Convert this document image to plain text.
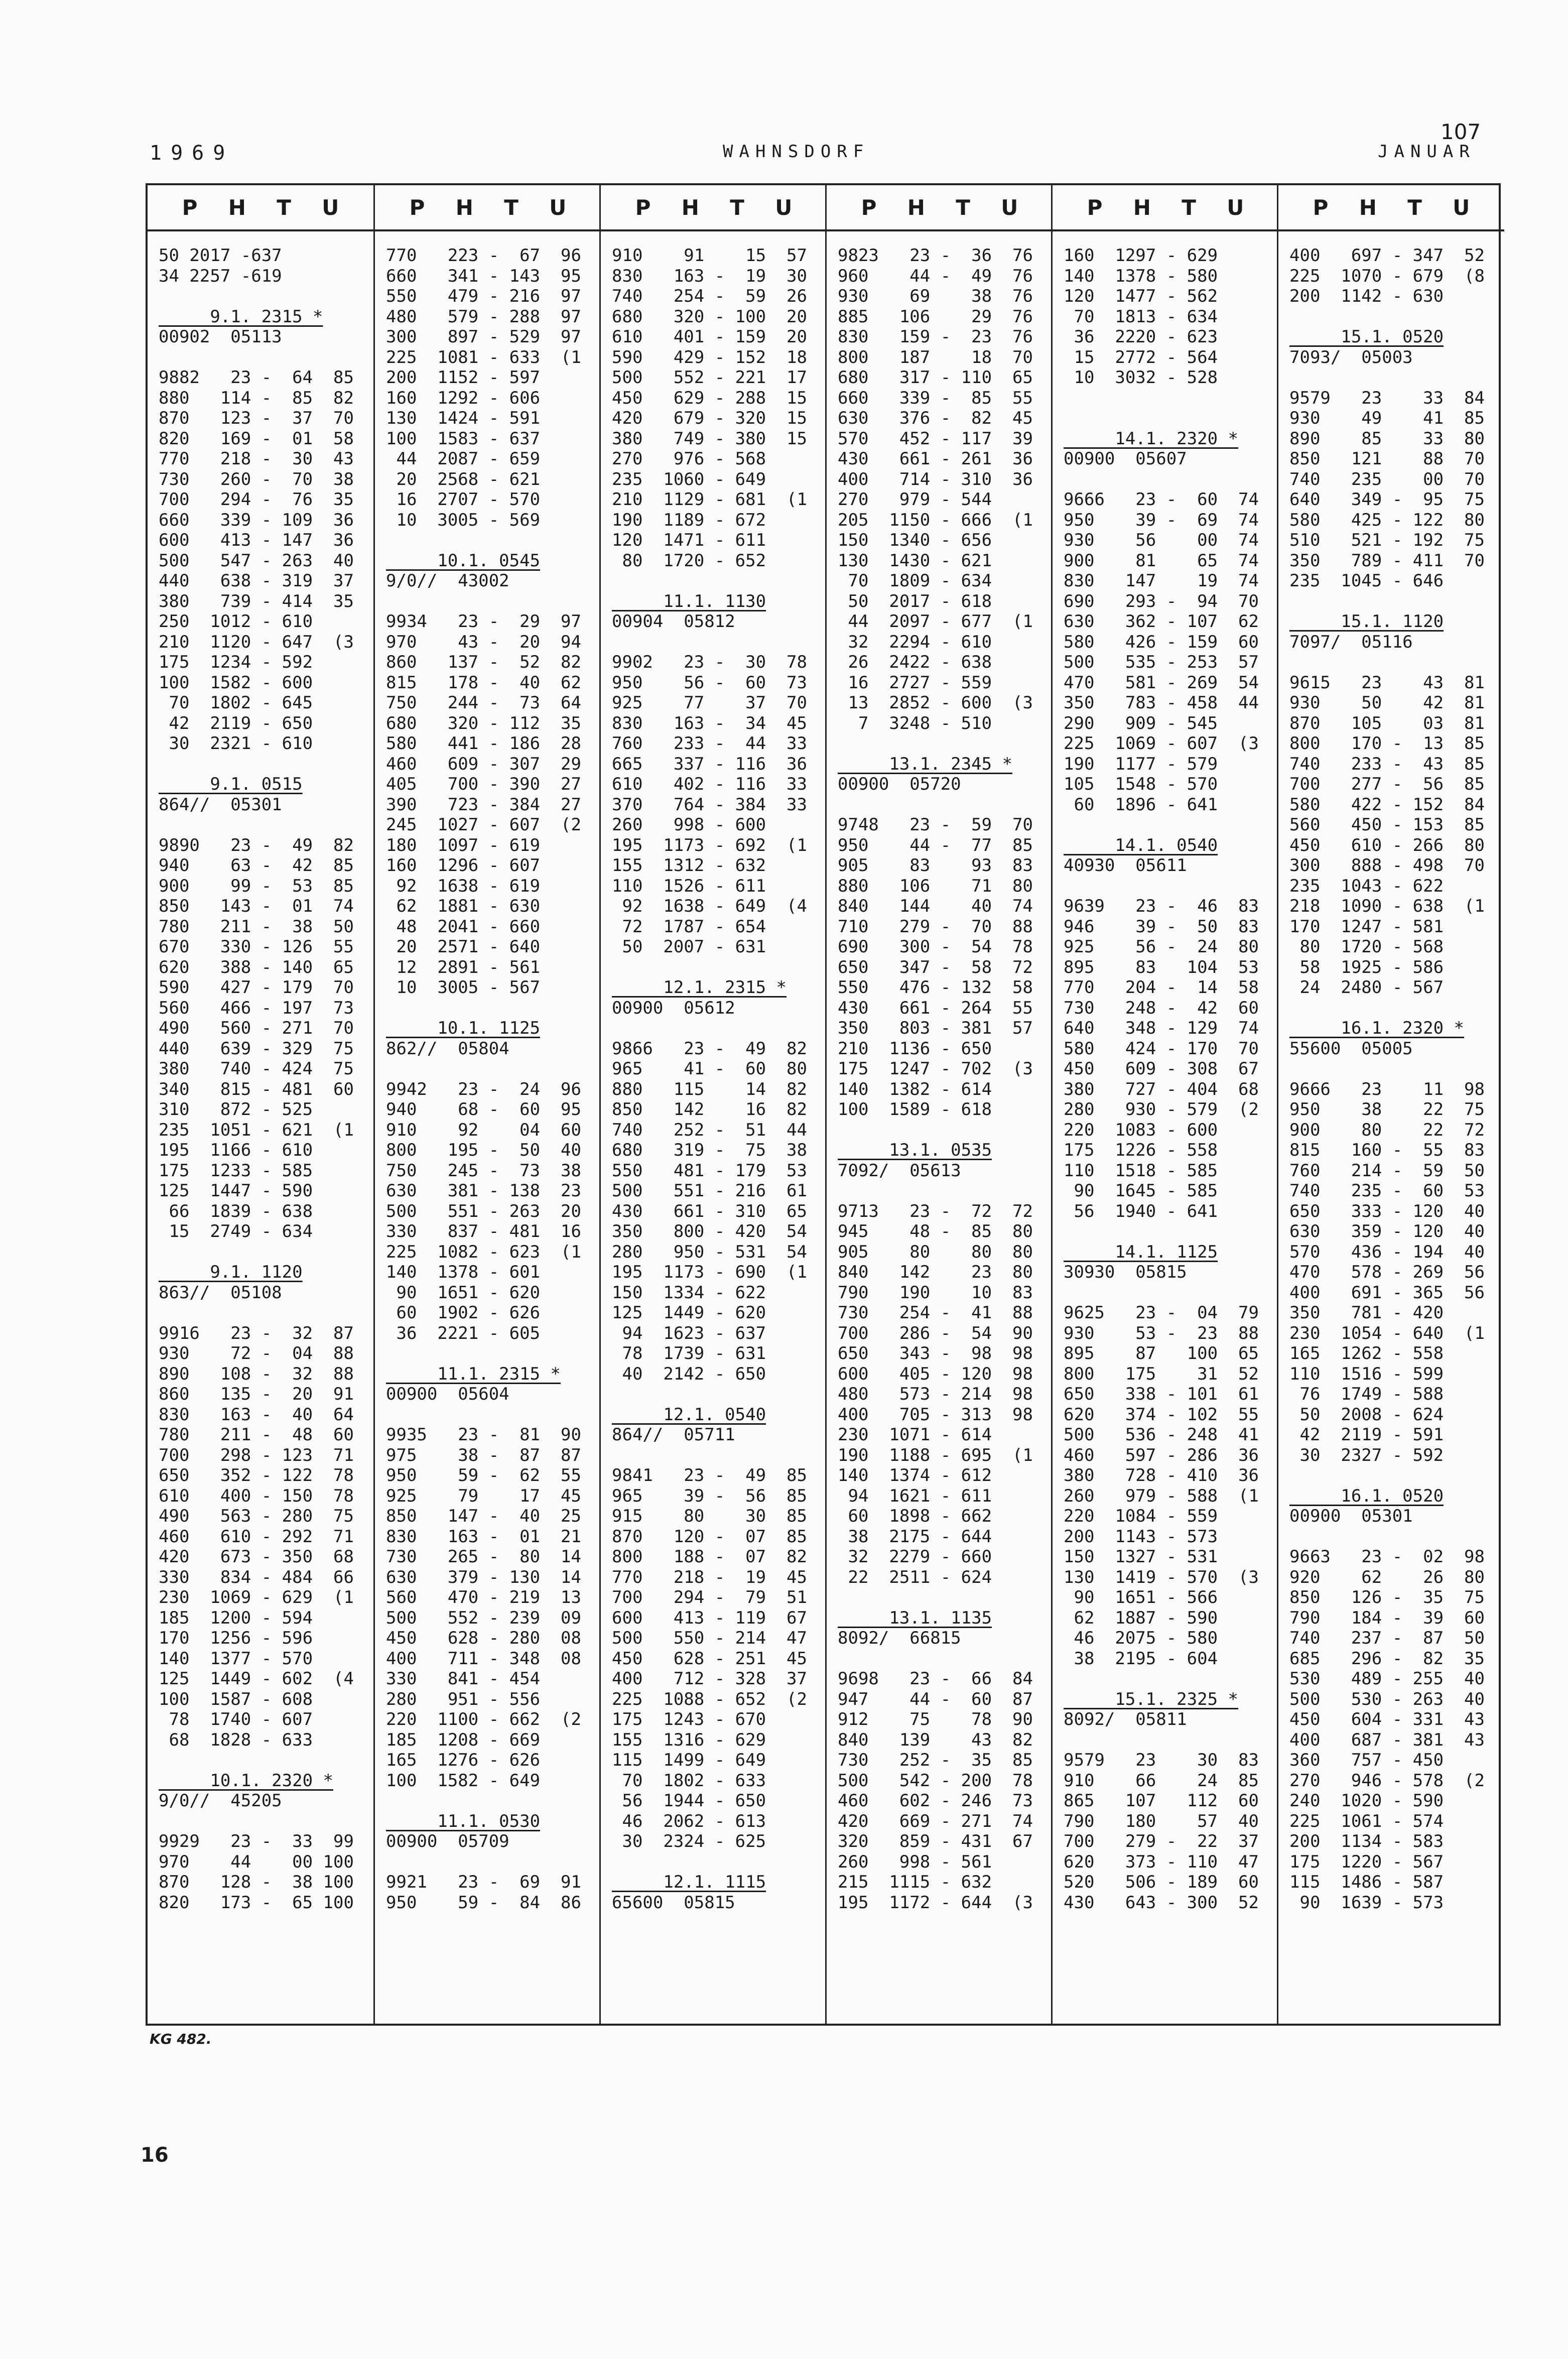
107
1969	WAHNSDORF	JANUAR
P H T U
50 2017 -637
34 2257 -619
9.1. 2315 *
00902  05113
9882   23 -  64  85
880   114 -  85  82
870   123 -  37  70
820   169 -  01  58
770   218 -  30  43
730   260 -  70  38
700   294 -  76  35
660   339 - 109  36
600   413 - 147  36
500   547 - 263  40
440   638 - 319  37
380   739 - 414  35
250  1012 - 610
210  1120 - 647  (3
175  1234 - 592
100  1582 - 600
70  1802 - 645
42  2119 - 650
30  2321 - 610
9.1. 0515
864//  05301
9890   23 -  49  82
940    63 -  42  85
900    99 -  53  85
850   143 -  01  74
780   211 -  38  50
670   330 - 126  55
620   388 - 140  65
590   427 - 179  70
560   466 - 197  73
490   560 - 271  70
440   639 - 329  75
380   740 - 424  75
340   815 - 481  60
310   872 - 525
235  1051 - 621  (1
195  1166 - 610
175  1233 - 585
125  1447 - 590
66  1839 - 638
15  2749 - 634
9.1. 1120
863//  05108
9916   23 -  32  87
930    72 -  04  88
890   108 -  32  88
860   135 -  20  91
830   163 -  40  64
780   211 -  48  60
700   298 - 123  71
650   352 - 122  78
610   400 - 150  78
490   563 - 280  75
460   610 - 292  71
420   673 - 350  68
330   834 - 484  66
230  1069 - 629  (1
185  1200 - 594
170  1256 - 596
140  1377 - 570
125  1449 - 602  (4
100  1587 - 608
78  1740 - 607
68  1828 - 633
10.1. 2320 *
9/0//  45205
9929   23 -  33  99
970    44    00 100
870   128 -  38 100
820   173 -  65 100
P H T U
770   223 -  67  96
660   341 - 143  95
550   479 - 216  97
480   579 - 288  97
300   897 - 529  97
225  1081 - 633  (1
200  1152 - 597
160  1292 - 606
130  1424 - 591
100  1583 - 637
44  2087 - 659
20  2568 - 621
16  2707 - 570
10  3005 - 569
10.1. 0545
9/0//  43002
9934   23 -  29  97
970    43 -  20  94
860   137 -  52  82
815   178 -  40  62
750   244 -  73  64
680   320 - 112  35
580   441 - 186  28
460   609 - 307  29
405   700 - 390  27
390   723 - 384  27
245  1027 - 607  (2
180  1097 - 619
160  1296 - 607
92  1638 - 619
62  1881 - 630
48  2041 - 660
20  2571 - 640
12  2891 - 561
10  3005 - 567
10.1. 1125
862//  05804
9942   23 -  24  96
940    68 -  60  95
910    92    04  60
800   195 -  50  40
750   245 -  73  38
630   381 - 138  23
500   551 - 263  20
330   837 - 481  16
225  1082 - 623  (1
140  1378 - 601
90  1651 - 620
60  1902 - 626
36  2221 - 605
11.1. 2315 *
00900  05604
9935   23 -  81  90
975    38 -  87  87
950    59 -  62  55
925    79    17  45
850   147 -  40  25
830   163 -  01  21
730   265 -  80  14
630   379 - 130  14
560   470 - 219  13
500   552 - 239  09
450   628 - 280  08
400   711 - 348  08
330   841 - 454
280   951 - 556
220  1100 - 662  (2
185  1208 - 669
165  1276 - 626
100  1582 - 649
11.1. 0530
00900  05709
9921   23 -  69  91
950    59 -  84  86
P H T U
910    91    15  57
830   163 -  19  30
740   254 -  59  26
680   320 - 100  20
610   401 - 159  20
590   429 - 152  18
500   552 - 221  17
450   629 - 288  15
420   679 - 320  15
380   749 - 380  15
270   976 - 568
235  1060 - 649
210  1129 - 681  (1
190  1189 - 672
120  1471 - 611
80  1720 - 652
11.1. 1130
00904  05812
9902   23 -  30  78
950    56 -  60  73
925    77    37  70
830   163 -  34  45
760   233 -  44  33
665   337 - 116  36
610   402 - 116  33
370   764 - 384  33
260   998 - 600
195  1173 - 692  (1
155  1312 - 632
110  1526 - 611
92  1638 - 649  (4
72  1787 - 654
50  2007 - 631
12.1. 2315 *
00900  05612
9866   23 -  49  82
965    41 -  60  80
880   115    14  82
850   142    16  82
740   252 -  51  44
680   319 -  75  38
550   481 - 179  53
500   551 - 216  61
430   661 - 310  65
350   800 - 420  54
280   950 - 531  54
195  1173 - 690  (1
150  1334 - 622
125  1449 - 620
94  1623 - 637
78  1739 - 631
40  2142 - 650
12.1. 0540
864//  05711
9841   23 -  49  85
965    39 -  56  85
915    80    30  85
870   120 -  07  85
800   188 -  07  82
770   218 -  19  45
700   294 -  79  51
600   413 - 119  67
500   550 - 214  47
450   628 - 251  45
400   712 - 328  37
225  1088 - 652  (2
175  1243 - 670
155  1316 - 629
115  1499 - 649
70  1802 - 633
56  1944 - 650
46  2062 - 613
30  2324 - 625
12.1. 1115
65600  05815
P H T U
9823   23 -  36  76
960    44 -  49  76
930    69    38  76
885   106    29  76
830   159 -  23  76
800   187    18  70
680   317 - 110  65
660   339 -  85  55
630   376 -  82  45
570   452 - 117  39
430   661 - 261  36
400   714 - 310  36
270   979 - 544
205  1150 - 666  (1
150  1340 - 656
130  1430 - 621
70  1809 - 634
50  2017 - 618
44  2097 - 677  (1
32  2294 - 610
26  2422 - 638
16  2727 - 559
13  2852 - 600  (3
7  3248 - 510
13.1. 2345 *
00900  05720
9748   23 -  59  70
950    44 -  77  85
905    83    93  83
880   106    71  80
840   144    40  74
710   279 -  70  88
690   300 -  54  78
650   347 -  58  72
550   476 - 132  58
430   661 - 264  55
350   803 - 381  57
210  1136 - 650
175  1247 - 702  (3
140  1382 - 614
100  1589 - 618
13.1. 0535
7092/  05613
9713   23 -  72  72
945    48 -  85  80
905    80    80  80
840   142    23  80
790   190    10  83
730   254 -  41  88
700   286 -  54  90
650   343 -  98  98
600   405 - 120  98
480   573 - 214  98
400   705 - 313  98
230  1071 - 614
190  1188 - 695  (1
140  1374 - 612
94  1621 - 611
60  1898 - 662
38  2175 - 644
32  2279 - 660
22  2511 - 624
13.1. 1135
8092/  66815
9698   23 -  66  84
947    44 -  60  87
912    75    78  90
840   139    43  82
730   252 -  35  85
500   542 - 200  78
460   602 - 246  73
420   669 - 271  74
320   859 - 431  67
260   998 - 561
215  1115 - 632
195  1172 - 644  (3
P H T U
160  1297 - 629
140  1378 - 580
120  1477 - 562
70  1813 - 634
36  2220 - 623
15  2772 - 564
10  3032 - 528
14.1. 2320 *
00900  05607
9666   23 -  60  74
950    39 -  69  74
930    56    00  74
900    81    65  74
830   147    19  74
690   293 -  94  70
630   362 - 107  62
580   426 - 159  60
500   535 - 253  57
470   581 - 269  54
350   783 - 458  44
290   909 - 545
225  1069 - 607  (3
190  1177 - 579
105  1548 - 570
60  1896 - 641
14.1. 0540
40930  05611
9639   23 -  46  83
946    39 -  50  83
925    56 -  24  80
895    83   104  53
770   204 -  14  58
730   248 -  42  60
640   348 - 129  74
580   424 - 170  70
450   609 - 308  67
380   727 - 404  68
280   930 - 579  (2
220  1083 - 600
175  1226 - 558
110  1518 - 585
90  1645 - 585
56  1940 - 641
14.1. 1125
30930  05815
9625   23 -  04  79
930    53 -  23  88
895    87   100  65
800   175    31  52
650   338 - 101  61
620   374 - 102  55
500   536 - 248  41
460   597 - 286  36
380   728 - 410  36
260   979 - 588  (1
220  1084 - 559
200  1143 - 573
150  1327 - 531
130  1419 - 570  (3
90  1651 - 566
62  1887 - 590
46  2075 - 580
38  2195 - 604
15.1. 2325 *
8092/  05811
9579   23    30  83
910    66    24  85
865   107   112  60
790   180    57  40
700   279 -  22  37
620   373 - 110  47
520   506 - 189  60
430   643 - 300  52
P H T U
400   697 - 347  52
225  1070 - 679  (8
200  1142 - 630
15.1. 0520
7093/  05003
9579   23    33  84
930    49    41  85
890    85    33  80
850   121    88  70
740   235    00  70
640   349 -  95  75
580   425 - 122  80
510   521 - 192  75
350   789 - 411  70
235  1045 - 646
15.1. 1120
7097/  05116
9615   23    43  81
930    50    42  81
870   105    03  81
800   170 -  13  85
740   233 -  43  85
700   277 -  56  85
580   422 - 152  84
560   450 - 153  85
450   610 - 266  80
300   888 - 498  70
235  1043 - 622
218  1090 - 638  (1
170  1247 - 581
80  1720 - 568
58  1925 - 586
24  2480 - 567
16.1. 2320 *
55600  05005
9666   23    11  98
950    38    22  75
900    80    22  72
815   160 -  55  83
760   214 -  59  50
740   235 -  60  53
650   333 - 120  40
630   359 - 120  40
570   436 - 194  40
470   578 - 269  56
400   691 - 365  56
350   781 - 420
230  1054 - 640  (1
165  1262 - 558
110  1516 - 599
76  1749 - 588
50  2008 - 624
42  2119 - 591
30  2327 - 592
16.1. 0520
00900  05301
9663   23 -  02  98
920    62    26  80
850   126 -  35  75
790   184 -  39  60
740   237 -  87  50
685   296 -  82  35
530   489 - 255  40
500   530 - 263  40
450   604 - 331  43
400   687 - 381  43
360   757 - 450
270   946 - 578  (2
240  1020 - 590
225  1061 - 574
200  1134 - 583
175  1220 - 567
115  1486 - 587
90  1639 - 573
KG 482.
16
